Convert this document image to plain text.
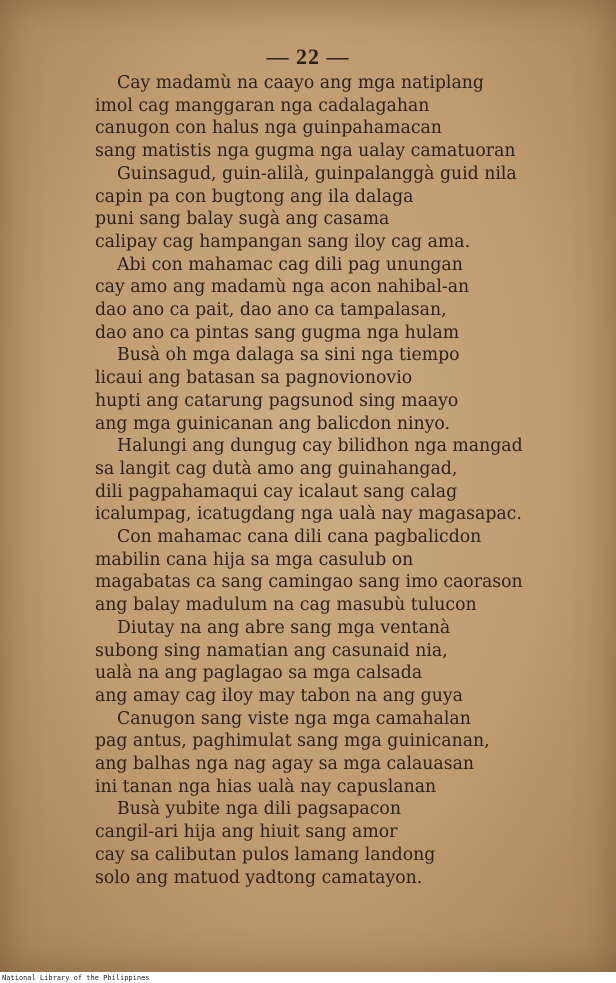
— 22 —
Cay madamù na caayo ang mga natiplang
imol cag manggaran nga cadalagahan
canugon con halus nga guinpahamacan
sang matistis nga gugma nga ualay camatuoran
Guinsagud, guin-alilà, guinpalanggà guid nila
capin pa con bugtong ang ila dalaga
puni sang balay sugà ang casama
calipay cag hampangan sang iloy cag ama.
Abi con mahamac cag dili pag unungan
cay amo ang madamù nga acon nahibal-an
dao ano ca pait, dao ano ca tampalasan,
dao ano ca pintas sang gugma nga hulam
Busà oh mga dalaga sa sini nga tiempo
licaui ang batasan sa pagnovionovio
hupti ang catarung pagsunod sing maayo
ang mga guinicanan ang balicdon ninyo.
Halungi ang dungug cay bilidhon nga mangad
sa langit cag dutà amo ang guinahangad,
dili pagpahamaqui cay icalaut sang calag
icalumpag, icatugdang nga ualà nay magasapac.
Con mahamac cana dili cana pagbalicdon
mabilin cana hija sa mga casulub on
magabatas ca sang camingao sang imo caorason
ang balay madulum na cag masubù tulucon
Diutay na ang abre sang mga ventanà
subong sing namatian ang casunaid nia,
ualà na ang paglagao sa mga calsada
ang amay cag iloy may tabon na ang guya
Canugon sang viste nga mga camahalan
pag antus, paghimulat sang mga guinicanan,
ang balhas nga nag agay sa mga calauasan
ini tanan nga hias ualà nay capuslanan
Busà yubite nga dili pagsapacon
cangil-ari hija ang hiuit sang amor
cay sa calibutan pulos lamang landong
solo ang matuod yadtong camatayon.
National Library of the Philippines
